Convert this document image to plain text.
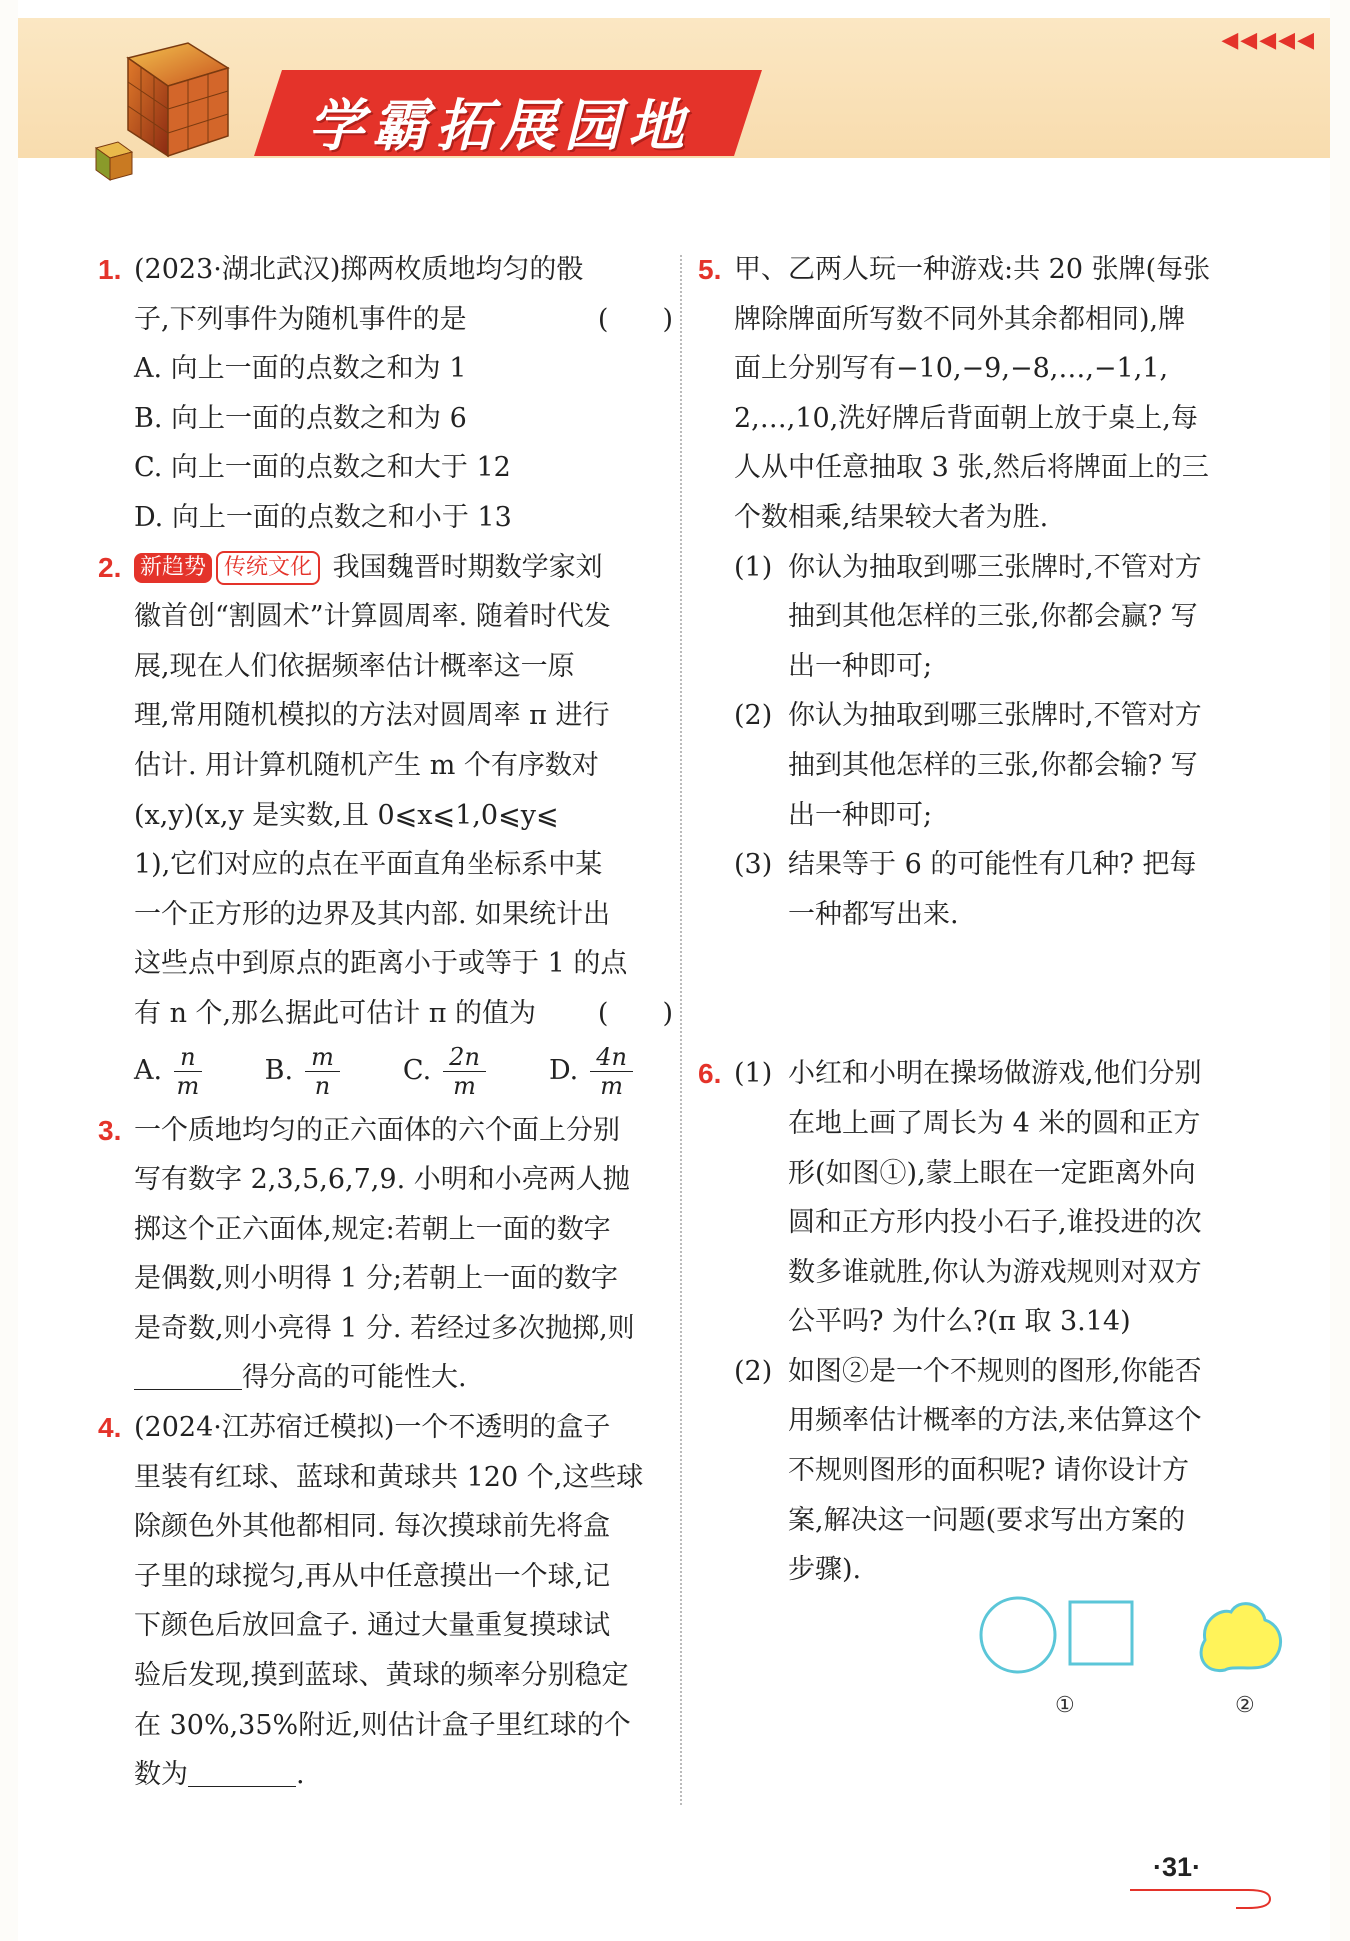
◀◀◀◀◀
学霸拓展园地
1. (2023·湖北武汉)掷两枚质地均匀的骰
子,下列事件为随机事件的是	(　　)
A. 向上一面的点数之和为 1
B. 向上一面的点数之和为 6
C. 向上一面的点数之和大于 12
D. 向上一面的点数之和小于 13
2. 新趋势 传统文化 我国魏晋时期数学家刘
徽首创“割圆术”计算圆周率. 随着时代发
展,现在人们依据频率估计概率这一原
理,常用随机模拟的方法对圆周率 π 进行
估计. 用计算机随机产生 m 个有序数对
(x,y)(x,y 是实数,且 0⩽x⩽1,0⩽y⩽
1),它们对应的点在平面直角坐标系中某
一个正方形的边界及其内部. 如果统计出
这些点中到原点的距离小于或等于 1 的点
有 n 个,那么据此可估计 π 的值为 (　　)
A. $\frac{n}{m} B$. $\frac{m}{n} C$. $\frac{2n}{m} D$. $\frac{4n}{m}$
3. 一个质地均匀的正六面体的六个面上分别
写有数字 2,3,5,6,7,9. 小明和小亮两人抛
掷这个正六面体,规定:若朝上一面的数字
是偶数,则小明得 1 分;若朝上一面的数字
是奇数,则小亮得 1 分. 若经过多次抛掷,则
得分高的可能性大.
4. (2024·江苏宿迁模拟)一个不透明的盒子
里装有红球、蓝球和黄球共 120 个,这些球
除颜色外其他都相同. 每次摸球前先将盒
子里的球搅匀,再从中任意摸出一个球,记
下颜色后放回盒子. 通过大量重复摸球试
验后发现,摸到蓝球、黄球的频率分别稳定
在 30%,35%附近,则估计盒子里红球的个
数为	.
5. 甲、乙两人玩一种游戏:共 20 张牌(每张
牌除牌面所写数不同外其余都相同),牌
面上分别写有−10,−9,−8,…,−1,1,
2,…,10,洗好牌后背面朝上放于桌上,每
人从中任意抽取 3 张,然后将牌面上的三
个数相乘,结果较大者为胜.
(1) 你认为抽取到哪三张牌时,不管对方
抽到其他怎样的三张,你都会赢? 写
出一种即可;
(2) 你认为抽取到哪三张牌时,不管对方
抽到其他怎样的三张,你都会输? 写
出一种即可;
(3) 结果等于 6 的可能性有几种? 把每
一种都写出来.
6. (1) 小红和小明在操场做游戏,他们分别
在地上画了周长为 4 米的圆和正方
形(如图①),蒙上眼在一定距离外向
圆和正方形内投小石子,谁投进的次
数多谁就胜,你认为游戏规则对双方
公平吗? 为什么?(π 取 3.14)
(2) 如图②是一个不规则的图形,你能否
用频率估计概率的方法,来估算这个
不规则图形的面积呢? 请你设计方
案,解决这一问题(要求写出方案的
步骤).
①	②
·31·
